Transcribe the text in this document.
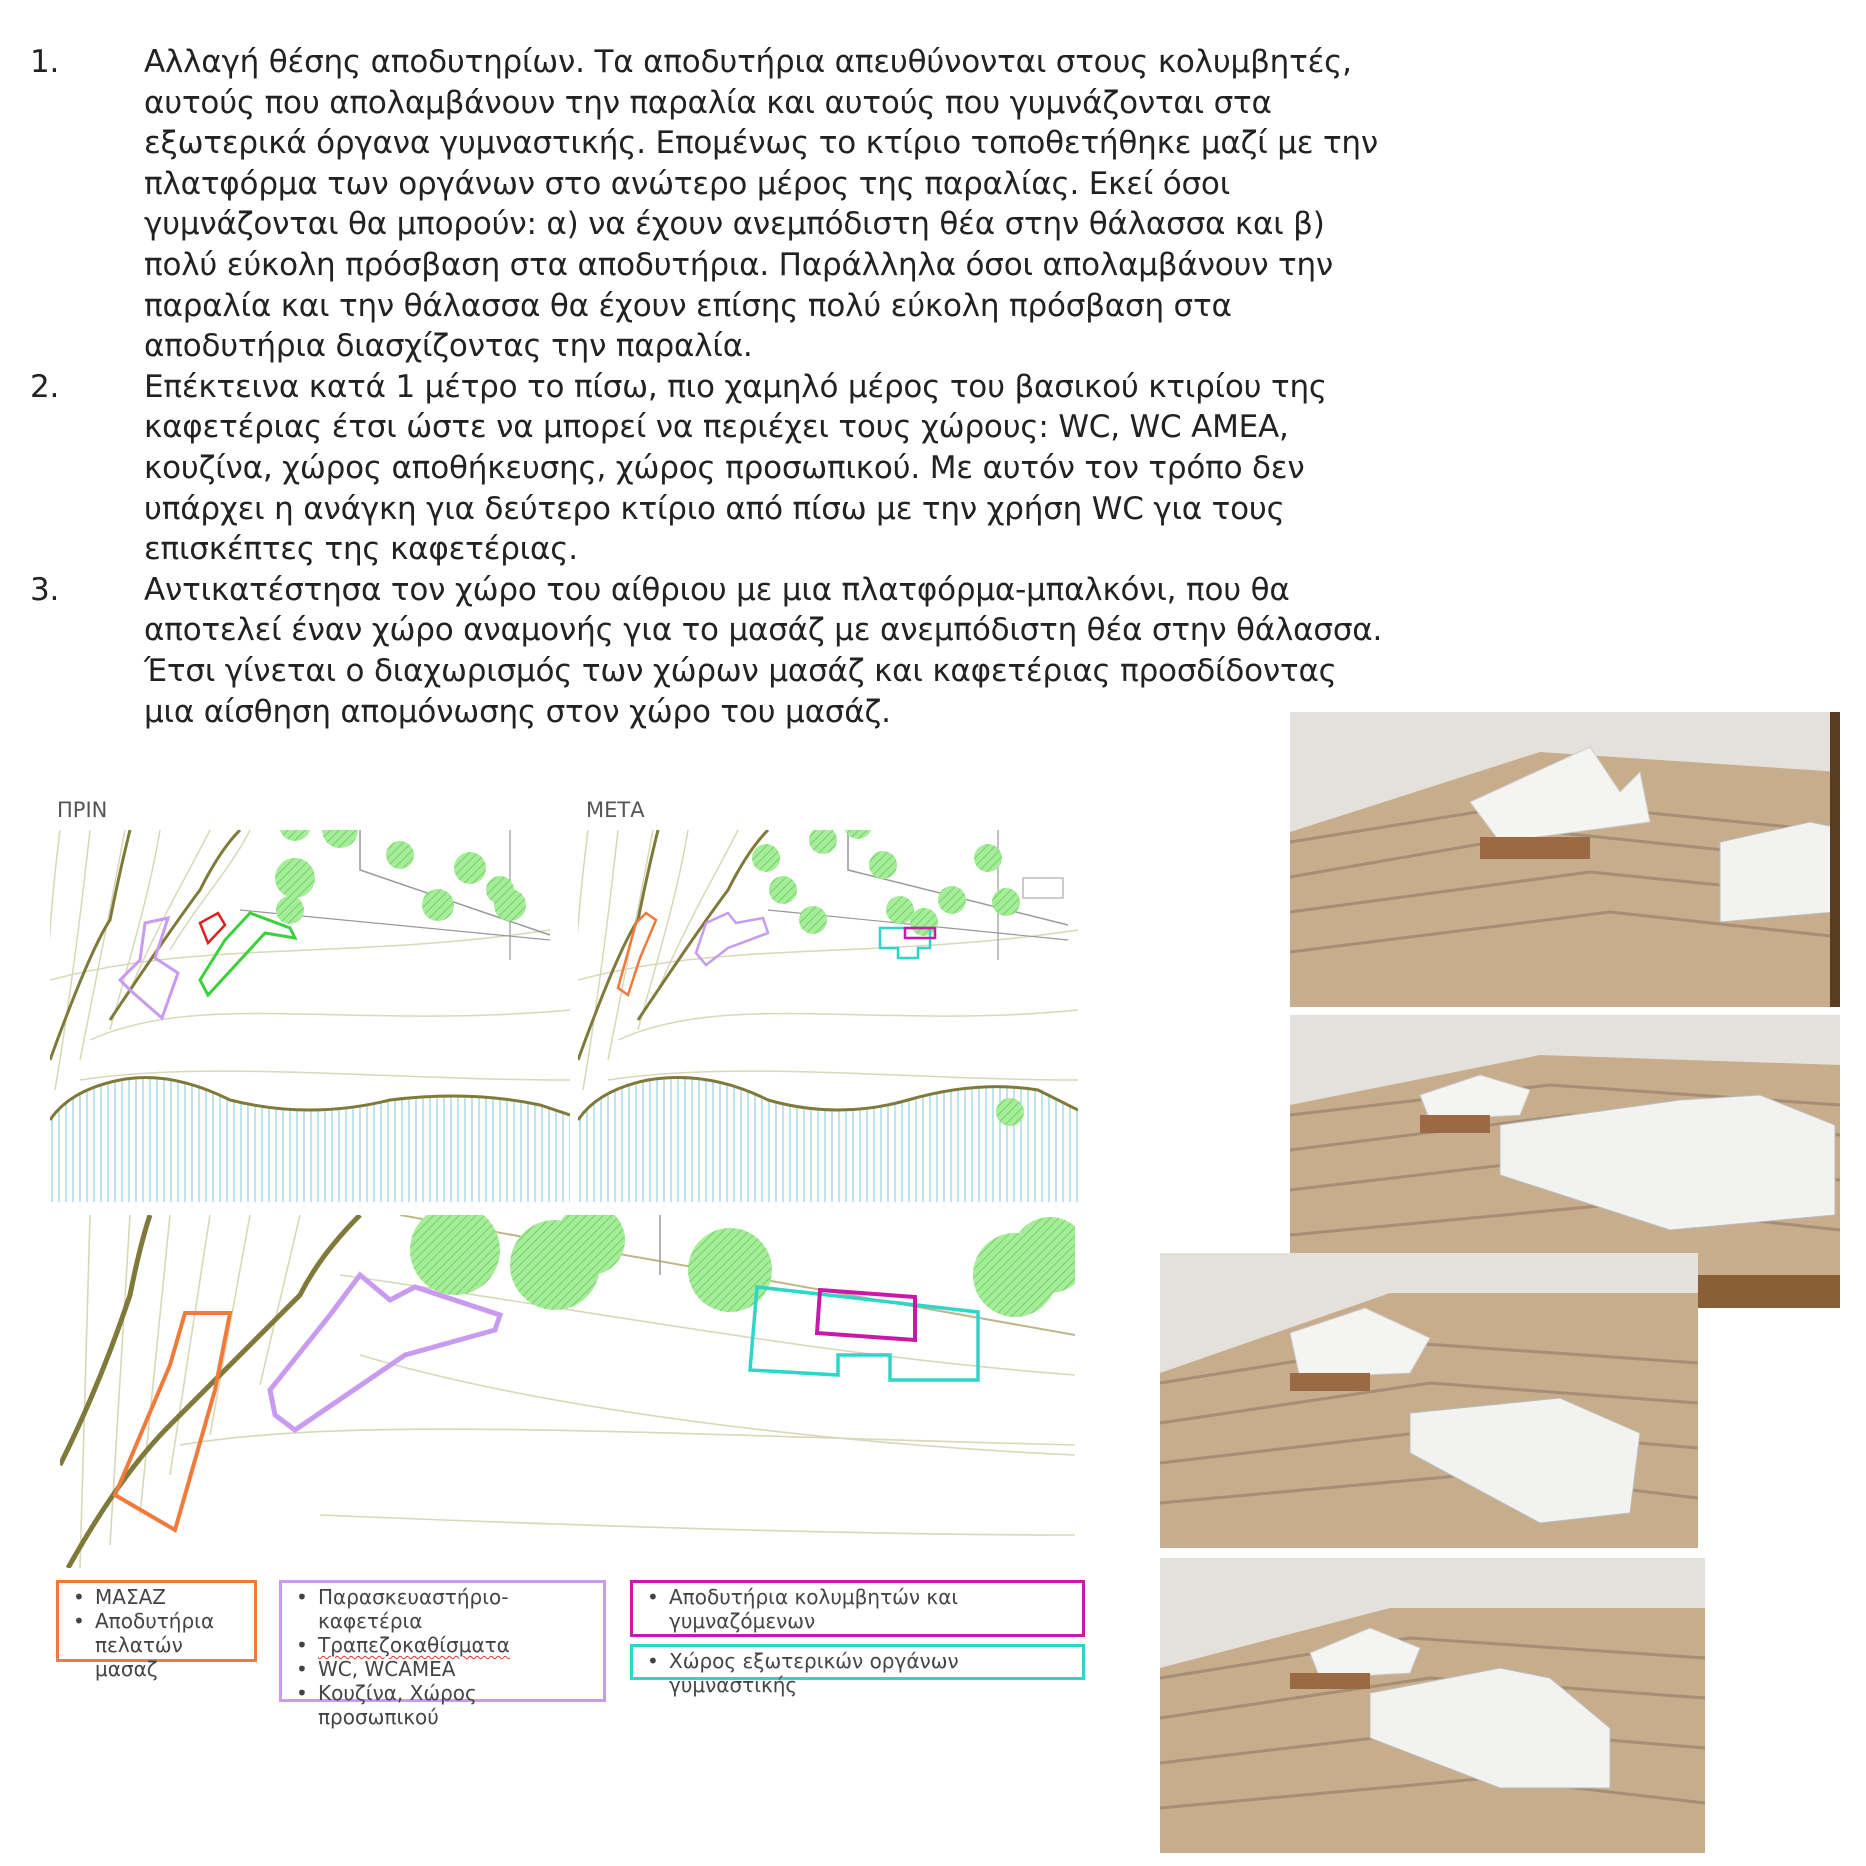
1.	Αλλαγή θέσης αποδυτηρίων. Τα αποδυτήρια απευθύνονται στους κολυμβητές, αυτούς που απολαμβάνουν την παραλία και αυτούς που γυμνάζονται στα εξωτερικά όργανα γυμναστικής. Επομένως το κτίριο τοποθετήθηκε μαζί με την πλατφόρμα των οργάνων στο ανώτερο μέρος της παραλίας. Εκεί όσοι γυμνάζονται θα μπορούν: α) να έχουν ανεμπόδιστη θέα στην θάλασσα και β) πολύ εύκολη πρόσβαση στα αποδυτήρια. Παράλληλα όσοι απολαμβάνουν την παραλία και την θάλασσα θα έχουν επίσης πολύ εύκολη πρόσβαση στα αποδυτήρια διασχίζοντας την παραλία.
2.	Επέκτεινα κατά 1 μέτρο το πίσω, πιο χαμηλό μέρος του βασικού κτιρίου της καφετέριας έτσι ώστε να μπορεί να περιέχει τους χώρους: WC, WC ΑΜΕΑ, κουζίνα, χώρος αποθήκευσης, χώρος προσωπικού. Με αυτόν τον τρόπο δεν υπάρχει η ανάγκη για δεύτερο κτίριο από πίσω με την χρήση WC για τους επισκέπτες της καφετέριας.
3.	Αντικατέστησα τον χώρο του αίθριου με μια πλατφόρμα-μπαλκόνι, που θα αποτελεί έναν χώρο αναμονής για το μασάζ με ανεμπόδιστη θέα στην θάλασσα. Έτσι γίνεται ο διαχωρισμός των χώρων μασάζ και καφετέριας προσδίδοντας μια αίσθηση απομόνωσης στον χώρο του μασάζ.
ΠΡΙΝ	ΜΕΤΑ
• ΜΑΣΑΖ
• Αποδυτήρια πελατών μασαζ
• Παρασκευαστήριο-καφετέρια
• Τραπεζοκαθίσματα
• WC, WCAMEA
• Κουζίνα, Χώρος προσωπικού
• Αποδυτήρια κολυμβητών και γυμναζόμενων
• Χώρος εξωτερικών οργάνων γυμναστικής
